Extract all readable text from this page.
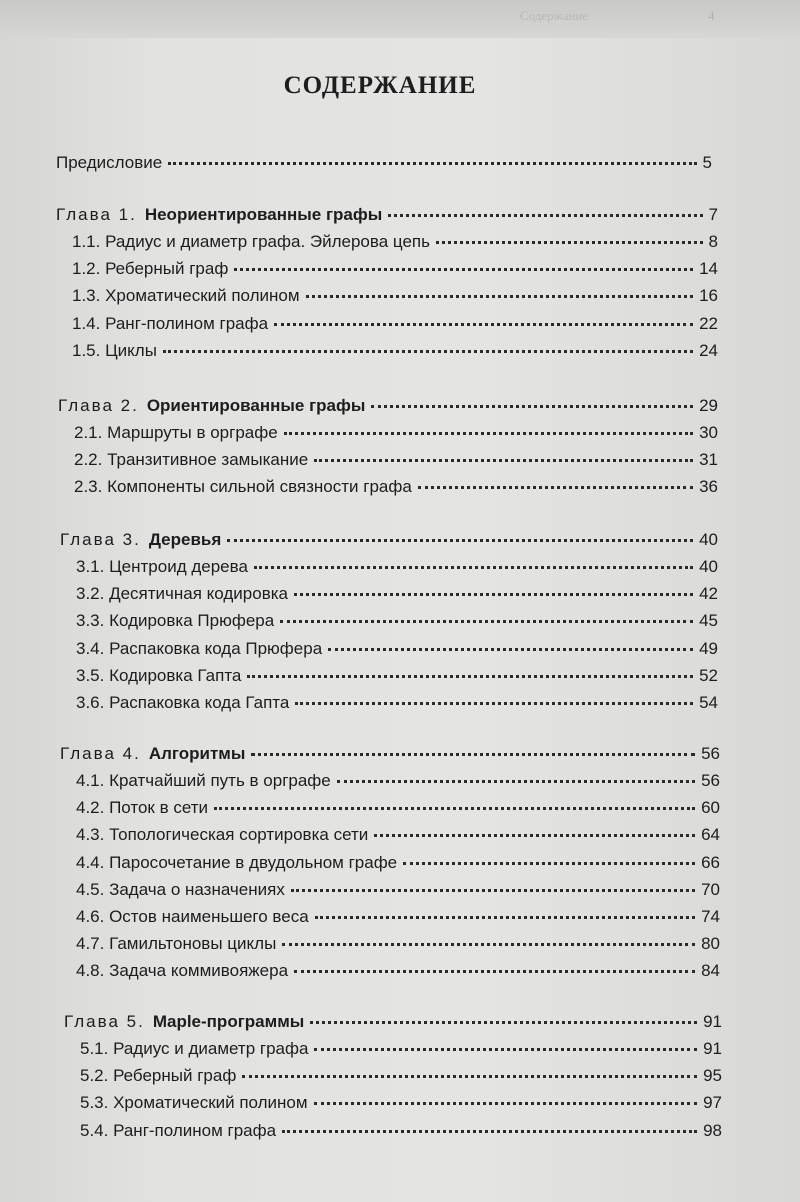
Содержание	4
СОДЕРЖАНИЕ
Предисловие	5
Глава 1. Неориентированные графы	7
1.1. Радиус и диаметр графа. Эйлерова цепь	8
1.2. Реберный граф	14
1.3. Хроматический полином	16
1.4. Ранг-полином графа	22
1.5. Циклы	24
Глава 2. Ориентированные графы	29
2.1. Маршруты в орграфе	30
2.2. Транзитивное замыкание	31
2.3. Компоненты сильной связности графа	36
Глава 3. Деревья	40
3.1. Центроид дерева	40
3.2. Десятичная кодировка	42
3.3. Кодировка Прюфера	45
3.4. Распаковка кода Прюфера	49
3.5. Кодировка Гапта	52
3.6. Распаковка кода Гапта	54
Глава 4. Алгоритмы	56
4.1. Кратчайший путь в орграфе	56
4.2. Поток в сети	60
4.3. Топологическая сортировка сети	64
4.4. Паросочетание в двудольном графе	66
4.5. Задача о назначениях	70
4.6. Остов наименьшего веса	74
4.7. Гамильтоновы циклы	80
4.8. Задача коммивояжера	84
Глава 5. Maple-программы	91
5.1. Радиус и диаметр графа	91
5.2. Реберный граф	95
5.3. Хроматический полином	97
5.4. Ранг-полином графа	98
